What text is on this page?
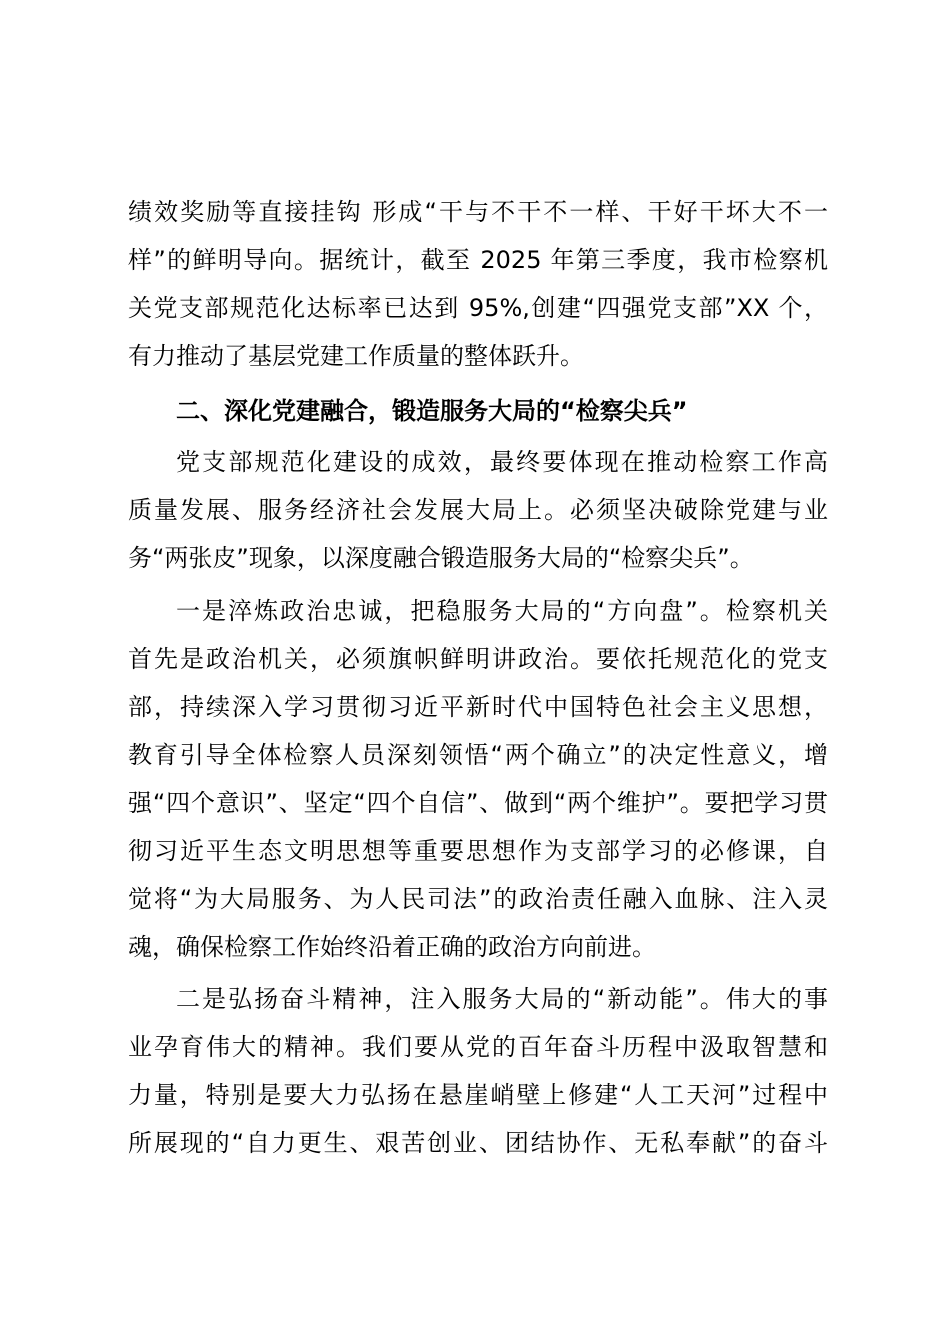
绩效奖励等直接挂钩 形成“干与不干不一样、干好干坏大不一
样”的鲜明导向。据统计，截至 2025 年第三季度，我市检察机
关党支部规范化达标率已达到 95%,创建“四强党支部”XX 个，
有力推动了基层党建工作质量的整体跃升。
二、深化党建融合，锻造服务大局的“检察尖兵”
党支部规范化建设的成效，最终要体现在推动检察工作高
质量发展、服务经济社会发展大局上。必须坚决破除党建与业
务“两张皮”现象，以深度融合锻造服务大局的“检察尖兵”。
一是淬炼政治忠诚，把稳服务大局的“方向盘”。检察机关
首先是政治机关，必须旗帜鲜明讲政治。要依托规范化的党支
部，持续深入学习贯彻习近平新时代中国特色社会主义思想，
教育引导全体检察人员深刻领悟“两个确立”的决定性意义，增
强“四个意识”、坚定“四个自信”、做到“两个维护”。要把学习贯
彻习近平生态文明思想等重要思想作为支部学习的必修课，自
觉将“为大局服务、为人民司法”的政治责任融入血脉、注入灵
魂，确保检察工作始终沿着正确的政治方向前进。
二是弘扬奋斗精神，注入服务大局的“新动能”。伟大的事
业孕育伟大的精神。我们要从党的百年奋斗历程中汲取智慧和
力量，特别是要大力弘扬在悬崖峭壁上修建“人工天河”过程中
所展现的“自力更生、艰苦创业、团结协作、无私奉献”的奋斗
